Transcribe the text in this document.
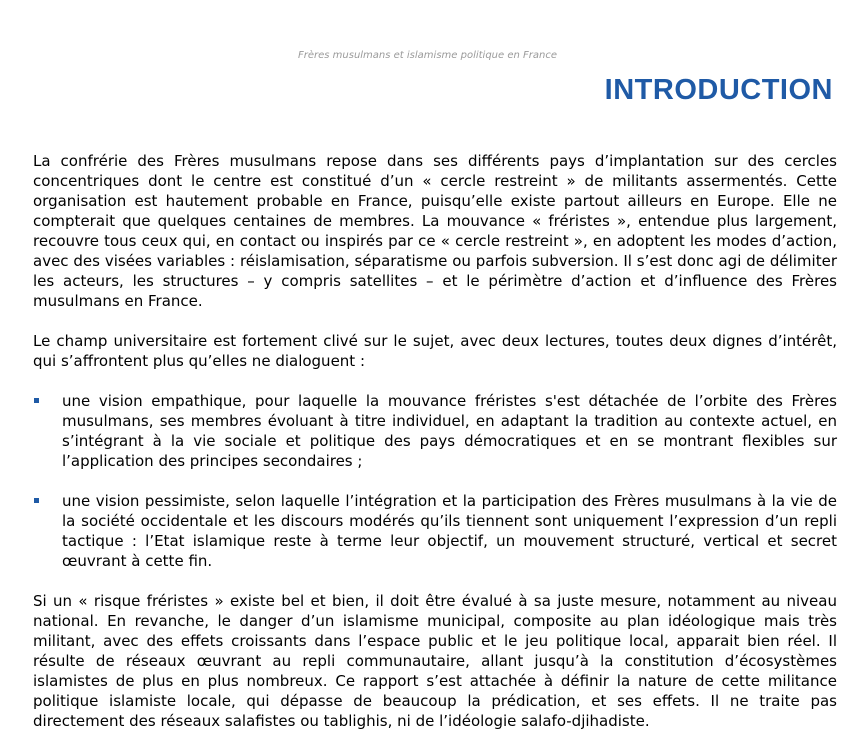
Frères musulmans et islamisme politique en France
INTRODUCTION

La confrérie des Frères musulmans repose dans ses différents pays d’implantation sur des cercles concentriques dont le centre est constitué d’un « cercle restreint » de militants assermentés. Cette organisation est hautement probable en France, puisqu’elle existe partout ailleurs en Europe. Elle ne compterait que quelques centaines de membres. La mouvance « fréristes », entendue plus largement, recouvre tous ceux qui, en contact ou inspirés par ce « cercle restreint », en adoptent les modes d’action, avec des visées variables : réislamisation, séparatisme ou parfois subversion. Il s’est donc agi de délimiter les acteurs, les structures – y compris satellites – et le périmètre d’action et d’influence des Frères musulmans en France.

Le champ universitaire est fortement clivé sur le sujet, avec deux lectures, toutes deux dignes d’intérêt, qui s’affrontent plus qu’elles ne dialoguent :

une vision empathique, pour laquelle la mouvance fréristes s'est détachée de l’orbite des Frères musulmans, ses membres évoluant à titre individuel, en adaptant la tradition au contexte actuel, en s’intégrant à la vie sociale et politique des pays démocratiques et en se montrant flexibles sur l’application des principes secondaires ;
une vision pessimiste, selon laquelle l’intégration et la participation des Frères musulmans à la vie de la société occidentale et les discours modérés qu’ils tiennent sont uniquement l’expression d’un repli tactique : l’Etat islamique reste à terme leur objectif, un mouvement structuré, vertical et secret œuvrant à cette fin.

Si un « risque fréristes » existe bel et bien, il doit être évalué à sa juste mesure, notamment au niveau national. En revanche, le danger d’un islamisme municipal, composite au plan idéologique mais très militant, avec des effets croissants dans l’espace public et le jeu politique local, apparait bien réel. Il résulte de réseaux œuvrant au repli communautaire, allant jusqu’à la constitution d’écosystèmes islamistes de plus en plus nombreux. Ce rapport s’est attachée à définir la nature de cette militance politique islamiste locale, qui dépasse de beaucoup la prédication, et ses effets. Il ne traite pas directement des réseaux salafistes ou tablighis, ni de l’idéologie salafo-djihadiste.
